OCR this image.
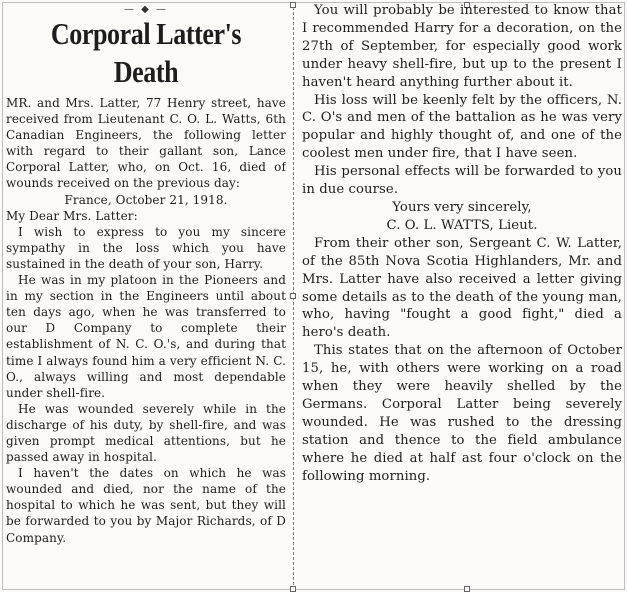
— ◆ —
Corporal Latter's
Death

MR. and Mrs. Latter, 77 Henry street, have received from Lieutenant C. O. L. Watts, 6th Canadian Engineers, the following letter with regard to their gallant son, Lance Corporal Latter, who, on Oct. 16, died of wounds received on the previous day:

France, October 21, 1918.

My Dear Mrs. Latter:

I wish to express to you my sincere sympathy in the loss which you have sustained in the death of your son, Harry.

He was in my platoon in the Pioneers and in my section in the Engineers until about ten days ago, when he was transferred to our D Company to complete their establishment of N. C. O.'s, and during that time I always found him a very efficient N. C. O., always willing and most dependable under shell-fire.

He was wounded severely while in the discharge of his duty, by shell-fire, and was given prompt medical attentions, but he passed away in hospital.

I haven't the dates on which he was wounded and died, nor the name of the hospital to which he was sent, but they will be forwarded to you by Major Richards, of D Company.

You will probably be interested to know that I recommended Harry for a decoration, on the 27th of September, for especially good work under heavy shell-fire, but up to the present I haven't heard anything further about it.

His loss will be keenly felt by the officers, N. C. O's and men of the battalion as he was very popular and highly thought of, and one of the coolest men under fire, that I have seen.

His personal effects will be forwarded to you in due course.

Yours very sincerely,

C. O. L. WATTS, Lieut.

From their other son, Sergeant C. W. Latter, of the 85th Nova Scotia Highlanders, Mr. and Mrs. Latter have also received a letter giving some details as to the death of the young man, who, having "fought a good fight," died a hero's death.

This states that on the afternoon of October 15, he, with others were working on a road when they were heavily shelled by the Germans. Corporal Latter being severely wounded. He was rushed to the dressing station and thence to the field ambulance where he died at half ast four o'clock on the following morning.
